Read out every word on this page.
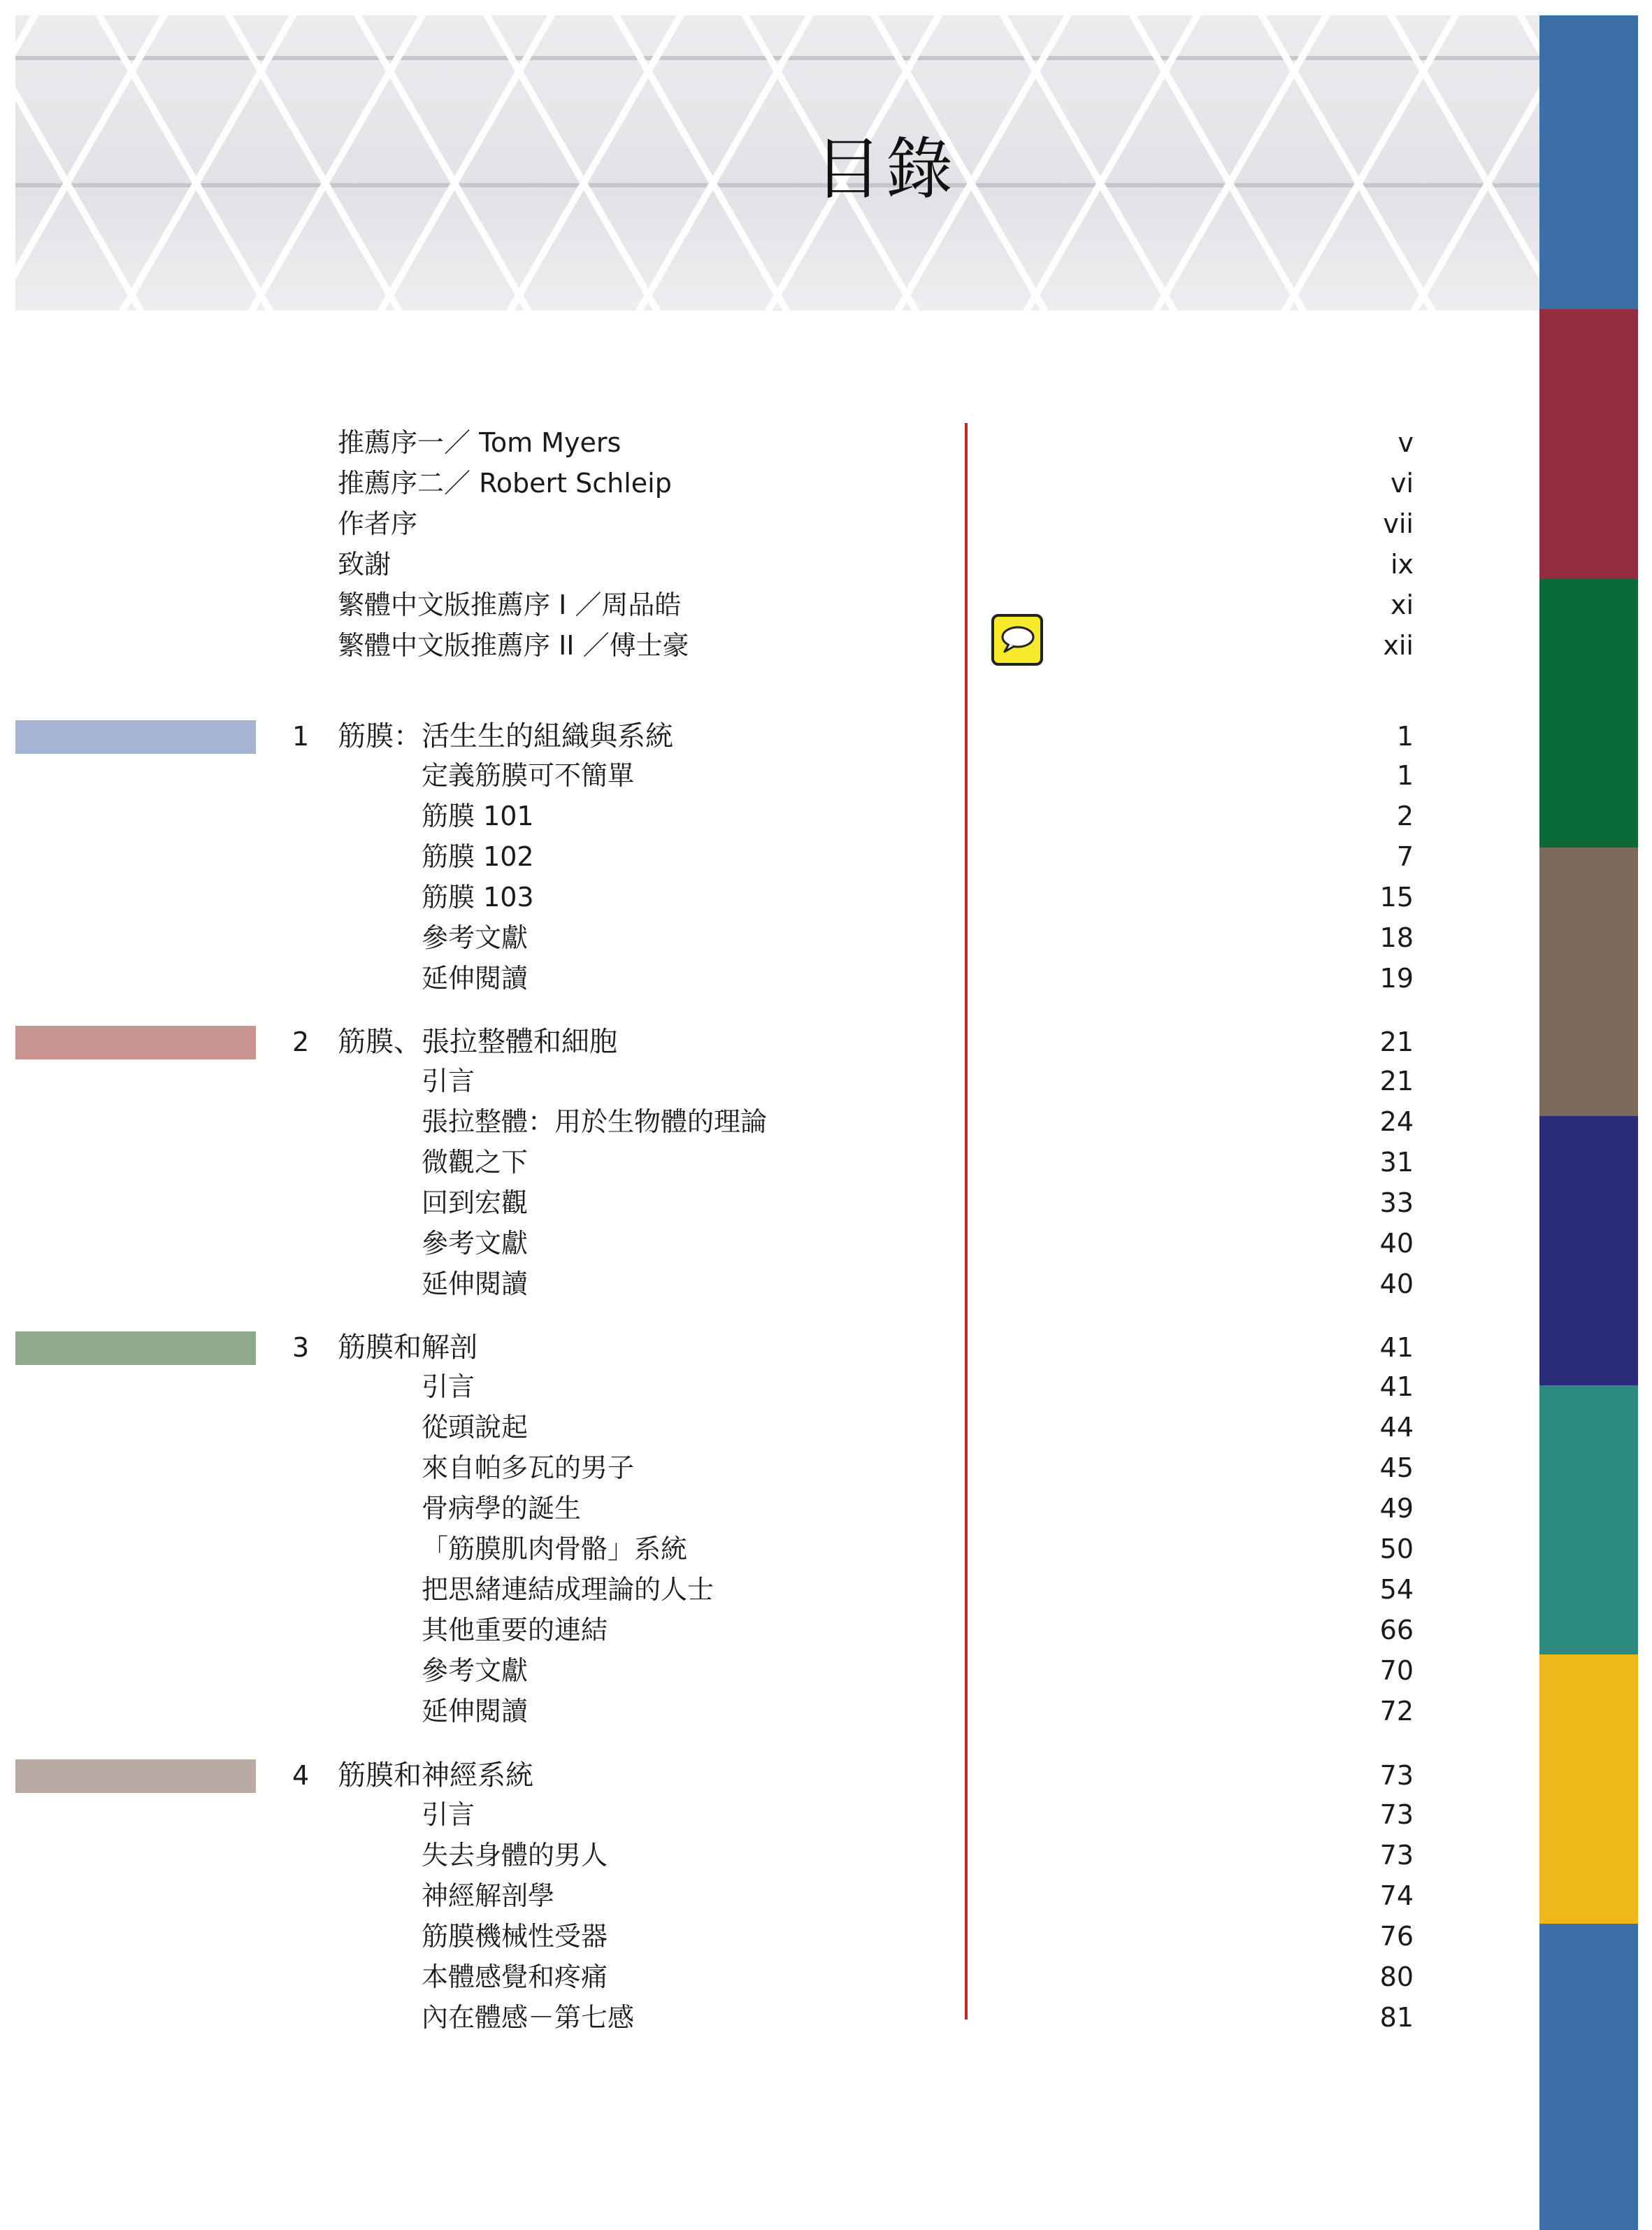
目錄
推薦序一／ Tom Myers	v
推薦序二／ Robert Schleip	vi
作者序	vii
致謝	ix
繁體中文版推薦序 I ／周品皓	xi
繁體中文版推薦序 II ／傅士豪	xii
1 筋膜：活生生的組織與系統	1
定義筋膜可不簡單	1
筋膜 101	2
筋膜 102	7
筋膜 103	15
參考文獻	18
延伸閱讀	19
2 筋膜、張拉整體和細胞	21
引言	21
張拉整體：用於生物體的理論	24
微觀之下	31
回到宏觀	33
參考文獻	40
延伸閱讀	40
3 筋膜和解剖	41
引言	41
從頭說起	44
來自帕多瓦的男子	45
骨病學的誕生	49
「筋膜肌肉骨骼」系統	50
把思緒連結成理論的人士	54
其他重要的連結	66
參考文獻	70
延伸閱讀	72
4 筋膜和神經系統	73
引言	73
失去身體的男人	73
神經解剖學	74
筋膜機械性受器	76
本體感覺和疼痛	80
內在體感－第七感	81
